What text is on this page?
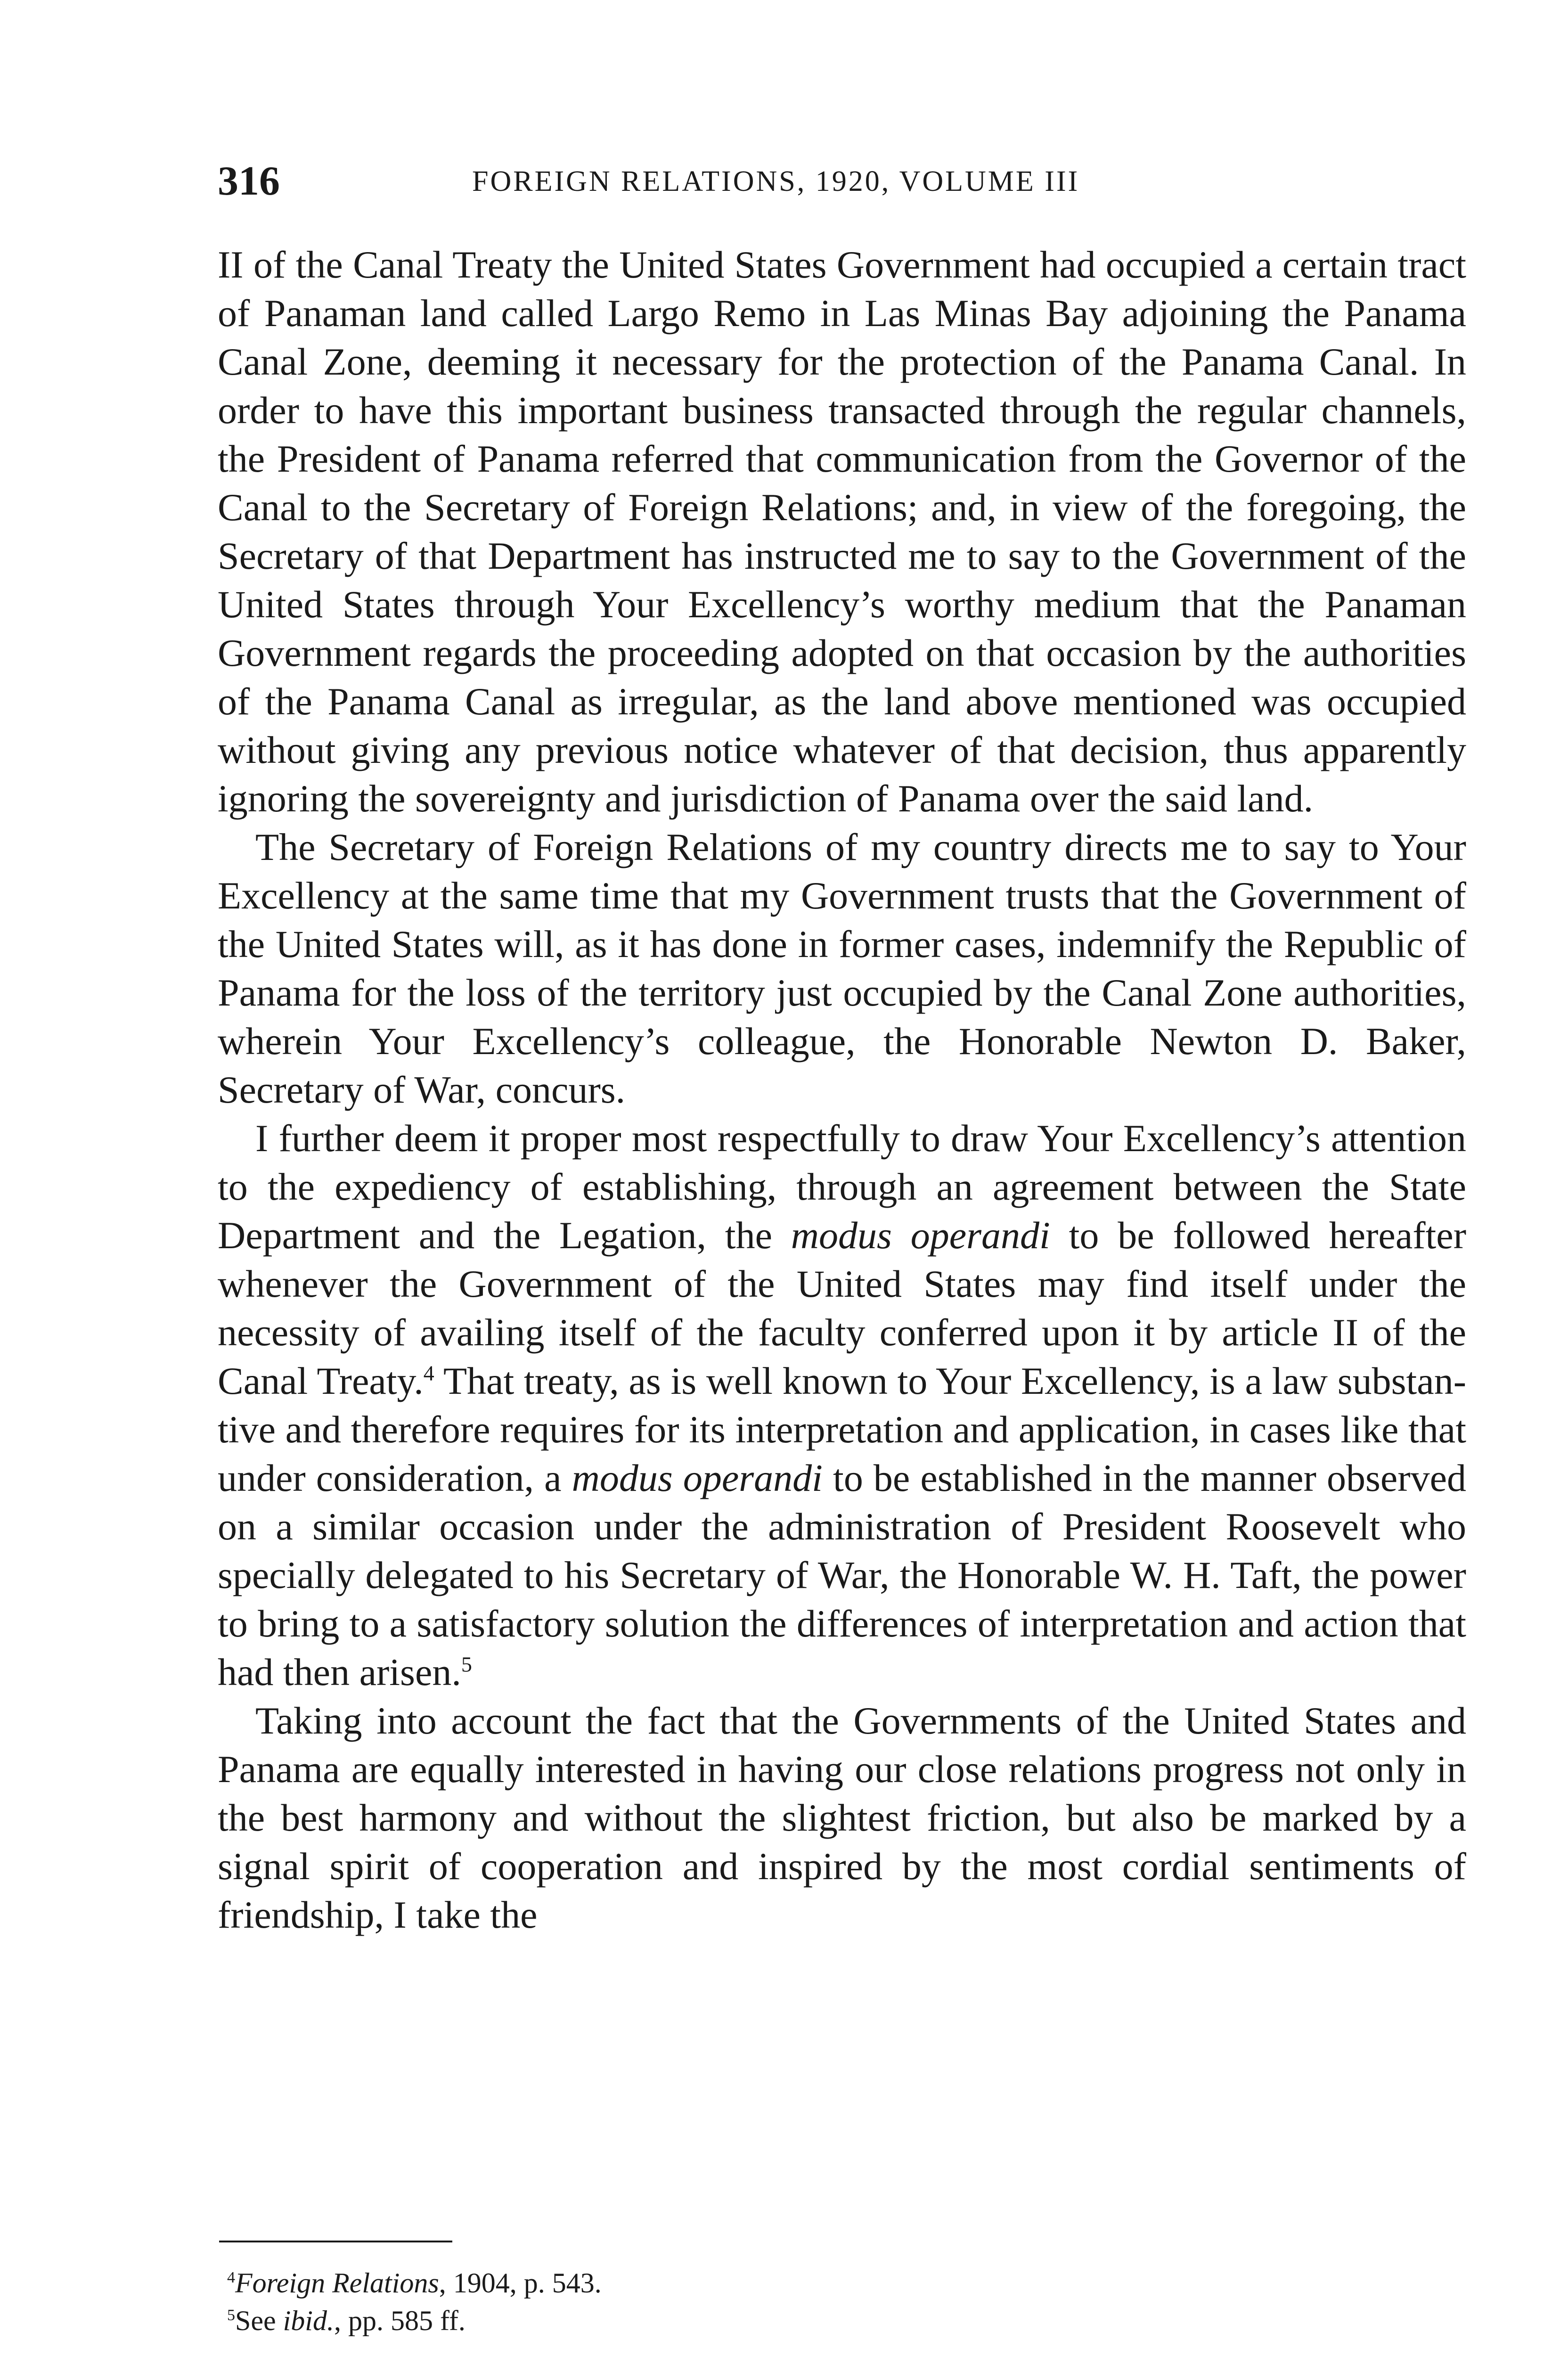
316	FOREIGN RELATIONS, 1920, VOLUME III

II of the Canal Treaty the United States Government had occupied a certain tract of Panaman land called Largo Remo in Las Minas Bay adjoining the Panama Canal Zone, deeming it necessary for the protection of the Panama Canal. In order to have this important business transacted through the regular channels, the President of Panama referred that communication from the Governor of the Canal to the Secretary of Foreign Relations; and, in view of the foregoing, the Secretary of that Department has instructed me to say to the Government of the United States through Your Excellency’s worthy medium that the Panaman Government regards the proceeding adopted on that occasion by the authorities of the Panama Canal as irregular, as the land above mentioned was occupied without giving any previous notice whatever of that decision, thus apparently ignoring the sovereignty and jurisdiction of Panama over the said land.

The Secretary of Foreign Relations of my country directs me to say to Your Excellency at the same time that my Government trusts that the Government of the United States will, as it has done in former cases, indemnify the Republic of Panama for the loss of the territory just occupied by the Canal Zone authorities, wherein Your Excellency’s colleague, the Honorable Newton D. Baker, Secretary of War, concurs.

I further deem it proper most respectfully to draw Your Excellency’s attention to the expediency of establishing, through an agreement between the State Department and the Legation, the modus operandi to be followed hereafter whenever the Government of the United States may find itself under the necessity of availing itself of the faculty conferred upon it by article II of the Canal Treaty.$^4$ That treaty, as is well known to Your Excellency, is a law substantive and therefore requires for its interpretation and application, in cases like that under consideration, a modus operandi to be established in the manner observed on a similar occasion under the administration of President Roosevelt who specially delegated to his Secretary of War, the Honorable W. H. Taft, the power to bring to a satisfactory solution the differences of interpretation and action that had then arisen.$^5$

Taking into account the fact that the Governments of the United States and Panama are equally interested in having our close relations progress not only in the best harmony and without the slightest friction, but also be marked by a signal spirit of cooperation and inspired by the most cordial sentiments of friendship, I take the

$^4$Foreign Relations, 1904, p. 543.

$^5$See ibid., pp. 585 ff.
